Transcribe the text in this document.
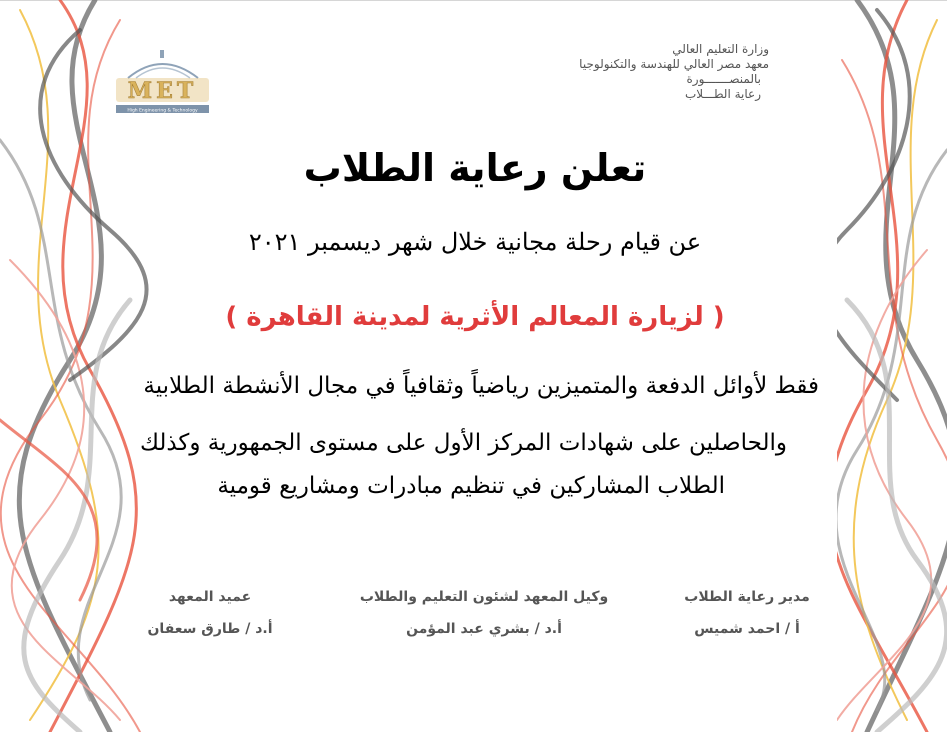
MET
High Engineering & Technology
وزارة التعليم العالي
معهد مصر العالي للهندسة والتكنولوجيا
بالمنصـــــــورة
رعاية الطـــلاب
تعلن رعاية الطلاب
عن قيام رحلة مجانية خلال شهر ديسمبر ٢٠٢١
( لزيارة المعالم الأثرية لمدينة القاهرة )
فقط لأوائل الدفعة والمتميزين رياضياً وثقافياً في مجال الأنشطة الطلابية
والحاصلين على شهادات المركز الأول على مستوى الجمهورية وكذلك
الطلاب المشاركين في تنظيم مبادرات ومشاريع قومية
مدير رعاية الطلاب
أ / احمد شميس
وكيل المعهد لشئون التعليم والطلاب
أ.د / بشري عبد المؤمن
عميد المعهد
أ.د / طارق سعفان
